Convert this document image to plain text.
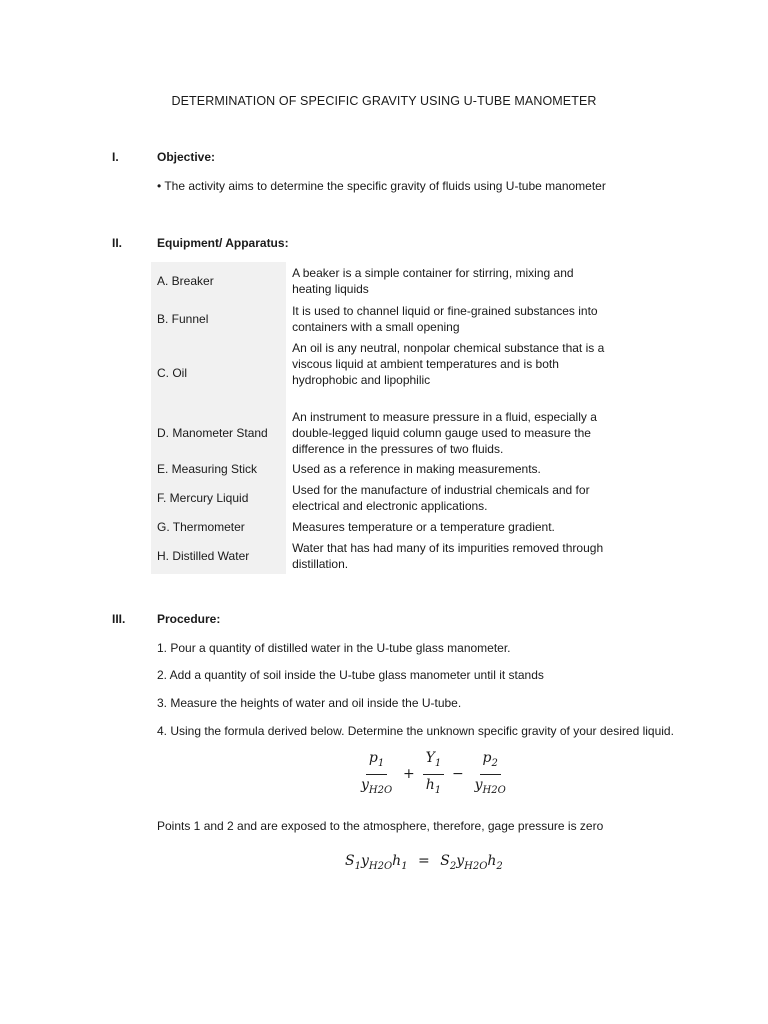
DETERMINATION OF SPECIFIC GRAVITY USING U-TUBE MANOMETER
I.	Objective:
• The activity aims to determine the specific gravity of fluids using U-tube manometer
II.	Equipment/ Apparatus:
A. Breaker	A beaker is a simple container for stirring, mixing and heating liquids
B. Funnel	It is used to channel liquid or fine-grained substances into containers with a small opening
C. Oil	An oil is any neutral, nonpolar chemical substance that is a viscous liquid at ambient temperatures and is both hydrophobic and lipophilic
D. Manometer Stand	An instrument to measure pressure in a fluid, especially a double-legged liquid column gauge used to measure the difference in the pressures of two fluids.
E. Measuring Stick	Used as a reference in making measurements.
F. Mercury Liquid	Used for the manufacture of industrial chemicals and for electrical and electronic applications.
G. Thermometer	Measures temperature or a temperature gradient.
H. Distilled Water	Water that has had many of its impurities removed through distillation.
III.	Procedure:
1. Pour a quantity of distilled water in the U-tube glass manometer.
2. Add a quantity of soil inside the U-tube glass manometer until it stands
3. Measure the heights of water and oil inside the U-tube.
4. Using the formula derived below. Determine the unknown specific gravity of your desired liquid.
$\frac{p_1}{y_{H2O}} + \frac{Y_1}{h_1} - \frac{p_2}{y_{H2O}}$
Points 1 and 2 and are exposed to the atmosphere, therefore, gage pressure is zero
$S_1y_{H2O}h_1 = S_2y_{H2O}h_2$
